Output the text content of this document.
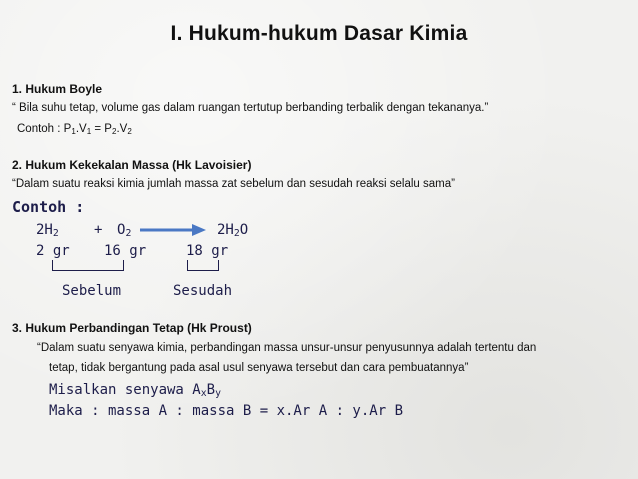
I. Hukum-hukum Dasar Kimia
1. Hukum Boyle
“ Bila suhu tetap, volume gas dalam ruangan tertutup berbanding terbalik dengan tekananya.”
Contoh : $P_1.V_1 = P_2.V_2$
2. Hukum Kekekalan Massa (Hk Lavoisier)
“Dalam suatu reaksi kimia jumlah massa zat sebelum dan sesudah reaksi selalu sama”
Contoh :
$2H_2$	+ $O_2$	$2H_2O$
2 gr 16 gr	18 gr
Sebelum	Sesudah
3. Hukum Perbandingan Tetap (Hk Proust)
“Dalam suatu senyawa kimia, perbandingan massa unsur-unsur penyusunnya adalah tertentu dan
tetap, tidak bergantung pada asal usul senyawa tersebut dan cara pembuatannya”
Misalkan senyawa $A_xB_y$
Maka : massa A : massa B = x.Ar A : y.Ar B
